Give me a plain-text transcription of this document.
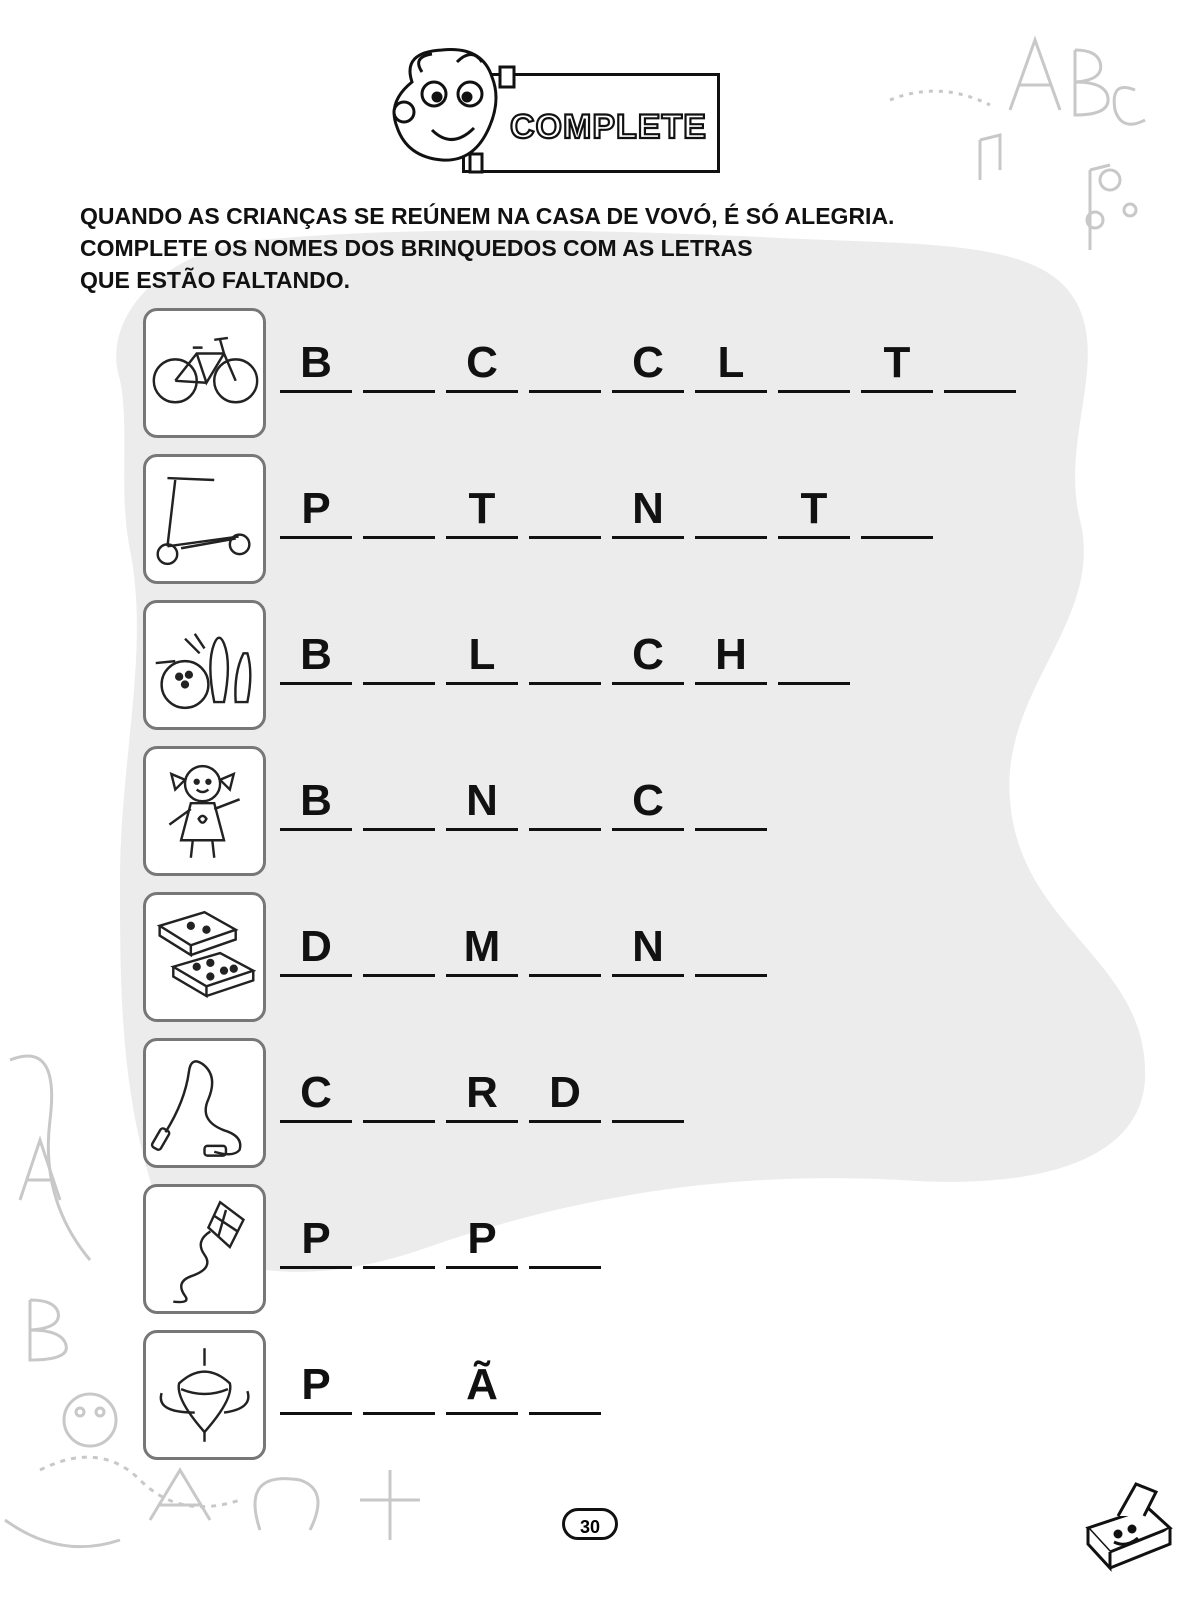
COMPLETE
QUANDO AS CRIANÇAS SE REÚNEM NA CASA DE VOVÓ, É SÓ ALEGRIA.
COMPLETE OS NOMES DOS BRINQUEDOS COM AS LETRAS
QUE ESTÃO FALTANDO.
B	C	C	L	T
P	T	N	T
B	L	C	H
B	N	C
D	M	N
C	R	D
P	P
P	Ã
30
